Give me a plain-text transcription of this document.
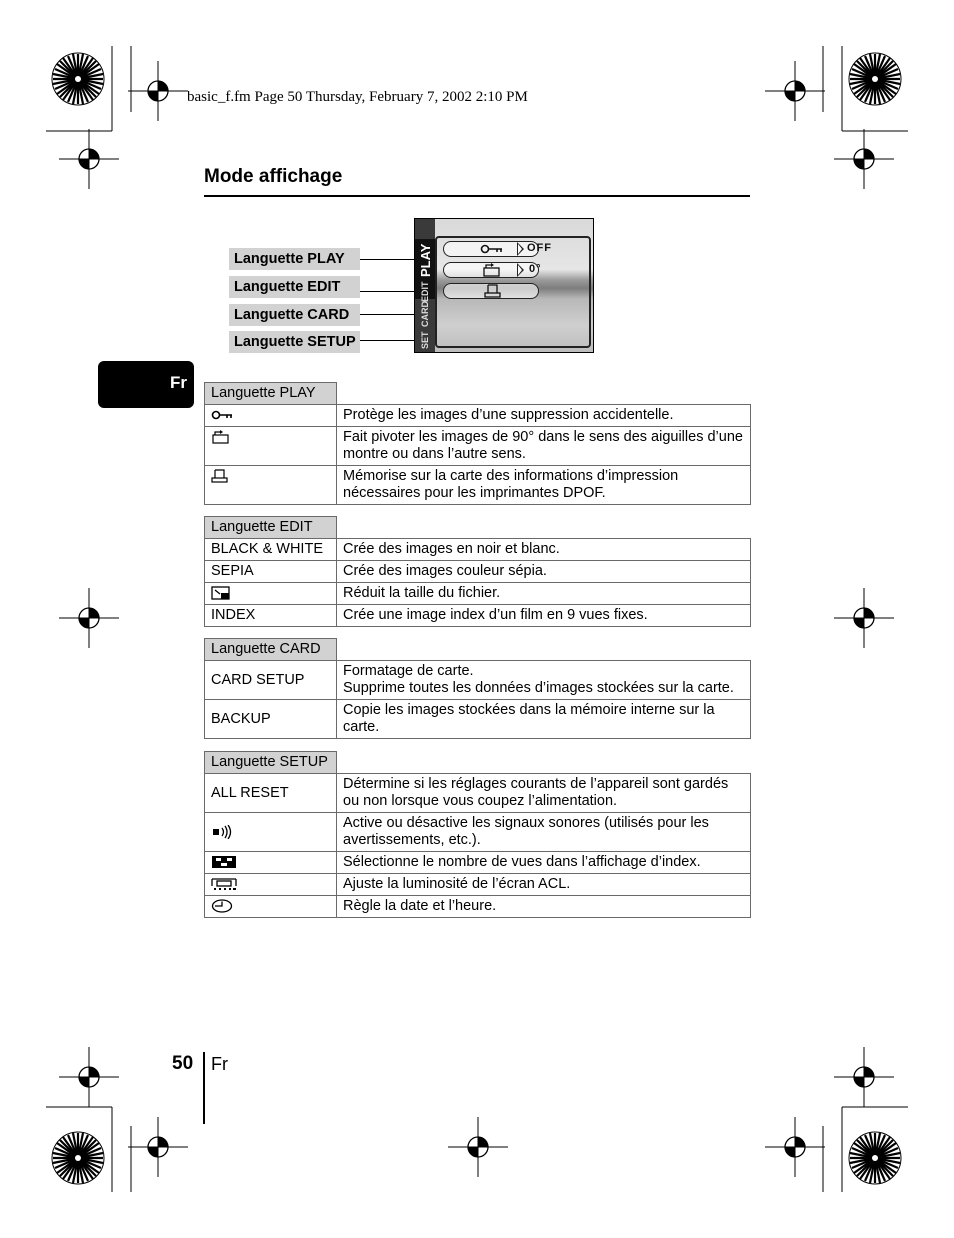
basic_f.fm Page 50 Thursday, February 7, 2002 2:10 PM
Mode affichage
Fr
Languette PLAY
Languette EDIT
Languette CARD
Languette SETUP
PLAY
EDIT
CARD
SET
OFF
0°
Languette PLAY	
	Protège les images d’une suppression accidentelle.
	Fait pivoter les images de 90° dans le sens des aiguilles d’une montre ou dans l’autre sens.
	Mémorise sur la carte des informations d’impression nécessaires pour les imprimantes DPOF.
Languette EDIT	
BLACK & WHITE	Crée des images en noir et blanc.
SEPIA	Crée des images couleur sépia.
	Réduit la taille du fichier.
INDEX	Crée une image index d’un film en 9 vues fixes.
Languette CARD	
CARD SETUP	Formatage de carte.
Supprime toutes les données d’images stockées sur la carte.

BACKUP	Copie les images stockées dans la mémoire interne sur la carte.
Languette SETUP	
ALL RESET	Détermine si les réglages courants de l’appareil sont gardés ou non lorsque vous coupez l’alimentation.
	Active ou désactive les signaux sonores (utilisés pour les avertissements, etc.).
	Sélectionne le nombre de vues dans l’affichage d’index.
	Ajuste la luminosité de l’écran ACL.
	Règle la date et l’heure.
50 Fr
